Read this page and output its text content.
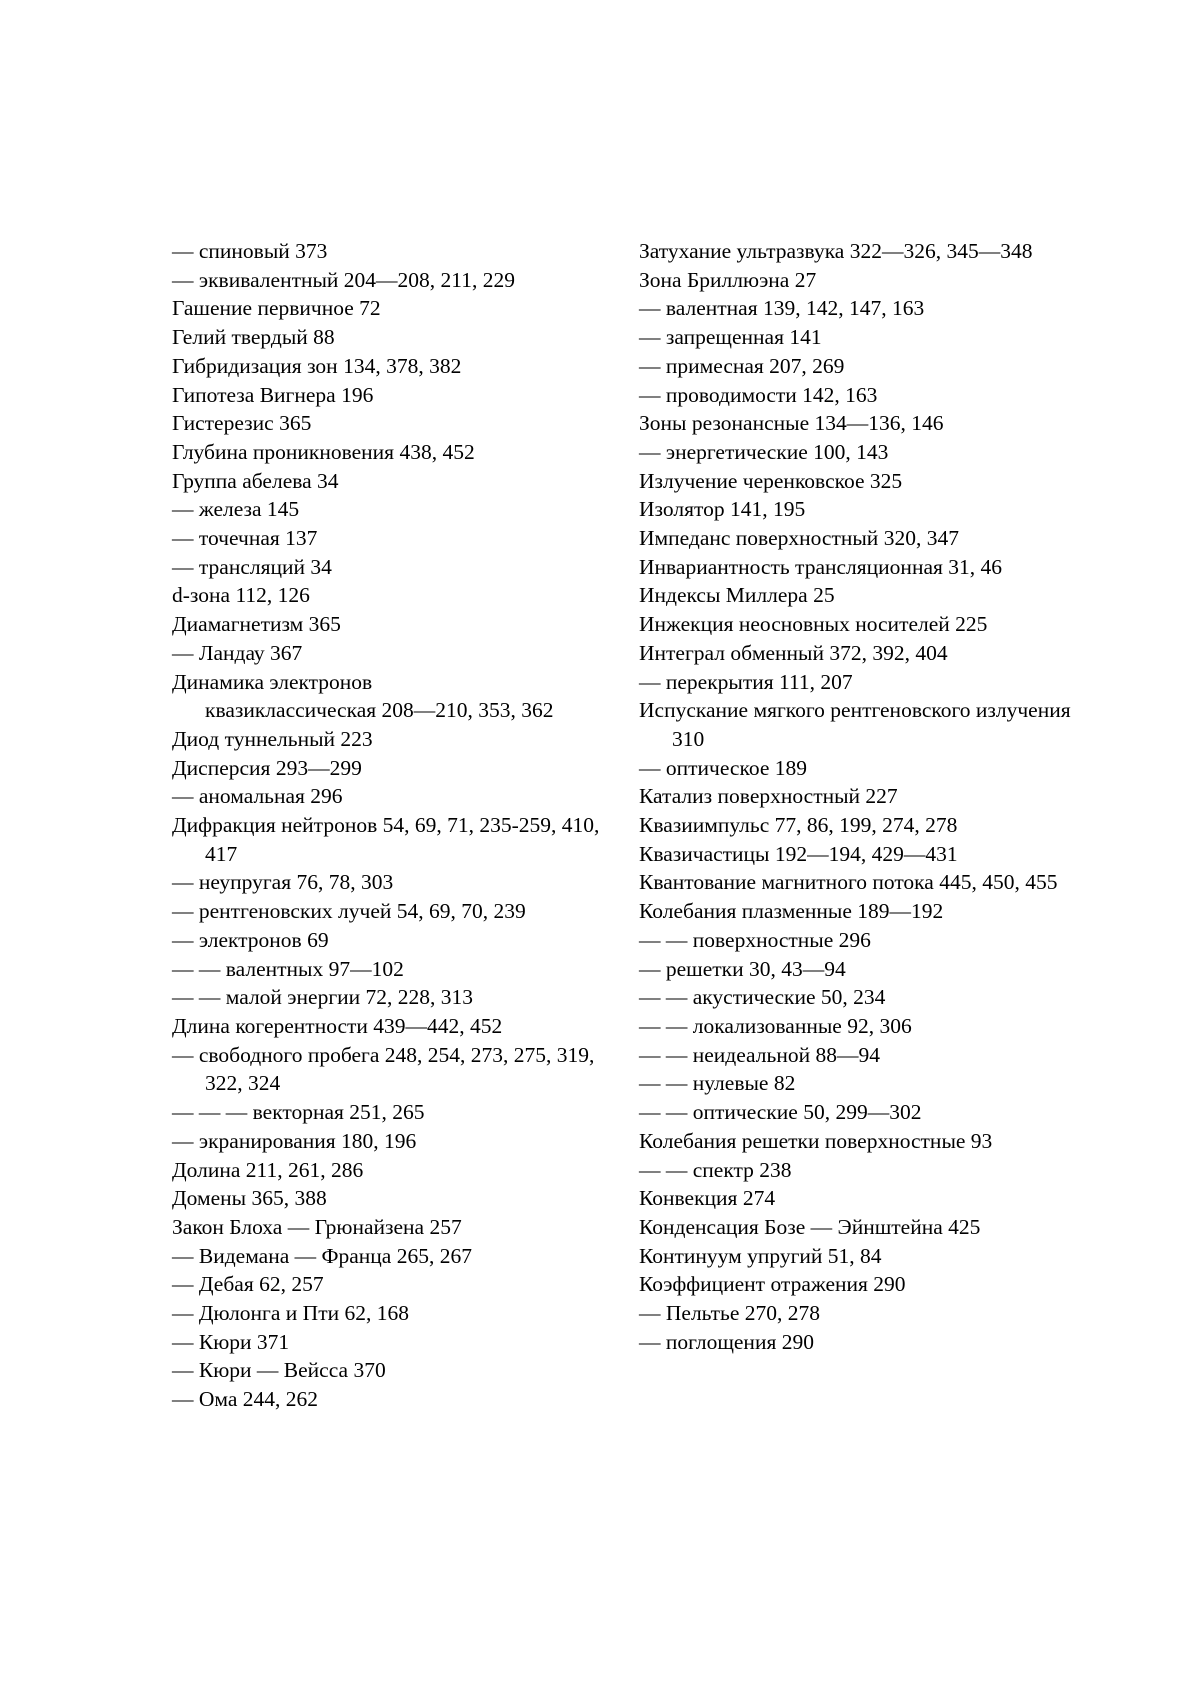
— спиновый 373
— эквивалентный 204—208, 211, 229
Гашение первичное 72
Гелий твердый 88
Гибридизация зон 134, 378, 382
Гипотеза Вигнера 196
Гистерезис 365
Глубина проникновения 438, 452
Группа абелева 34
— железа 145
— точечная 137
— трансляций 34
d-зона 112, 126
Диамагнетизм 365
— Ландау 367
Динамика электронов
квазиклассическая 208—210, 353, 362
Диод туннельный 223
Дисперсия 293—299
— аномальная 296
Дифракция нейтронов 54, 69, 71, 235-259, 410, 417
— неупругая 76, 78, 303
— рентгеновских лучей 54, 69, 70, 239
— электронов 69
— — валентных 97—102
— — малой энергии 72, 228, 313
Длина когерентности 439—442, 452
— свободного пробега 248, 254, 273, 275, 319, 322, 324
— — — векторная 251, 265
— экранирования 180, 196
Долина 211, 261, 286
Домены 365, 388
Закон Блоха — Грюнайзена 257
— Видемана — Франца 265, 267
— Дебая 62, 257
— Дюлонга и Пти 62, 168
— Кюри 371
— Кюри — Вейсса 370
— Ома 244, 262
Затухание ультразвука 322—326, 345—348
Зона Бриллюэна 27
— валентная 139, 142, 147, 163
— запрещенная 141
— примесная 207, 269
— проводимости 142, 163
Зоны резонансные 134—136, 146
— энергетические 100, 143
Излучение черенковское 325
Изолятор 141, 195
Импеданс поверхностный 320, 347
Инвариантность трансляционная 31, 46
Индексы Миллера 25
Инжекция неосновных носителей 225
Интеграл обменный 372, 392, 404
— перекрытия 111, 207
Испускание мягкого рентгеновского излучения 310
— оптическое 189
Катализ поверхностный 227
Квазиимпульс 77, 86, 199, 274, 278
Квазичастицы 192—194, 429—431
Квантование магнитного потока 445, 450, 455
Колебания плазменные 189—192
— — поверхностные 296
— решетки 30, 43—94
— — акустические 50, 234
— — локализованные 92, 306
— — неидеальной 88—94
— — нулевые 82
— — оптические 50, 299—302
Колебания решетки поверхностные 93
— — спектр 238
Конвекция 274
Конденсация Бозе — Эйнштейна 425
Континуум упругий 51, 84
Коэффициент отражения 290
— Пельтье 270, 278
— поглощения 290
